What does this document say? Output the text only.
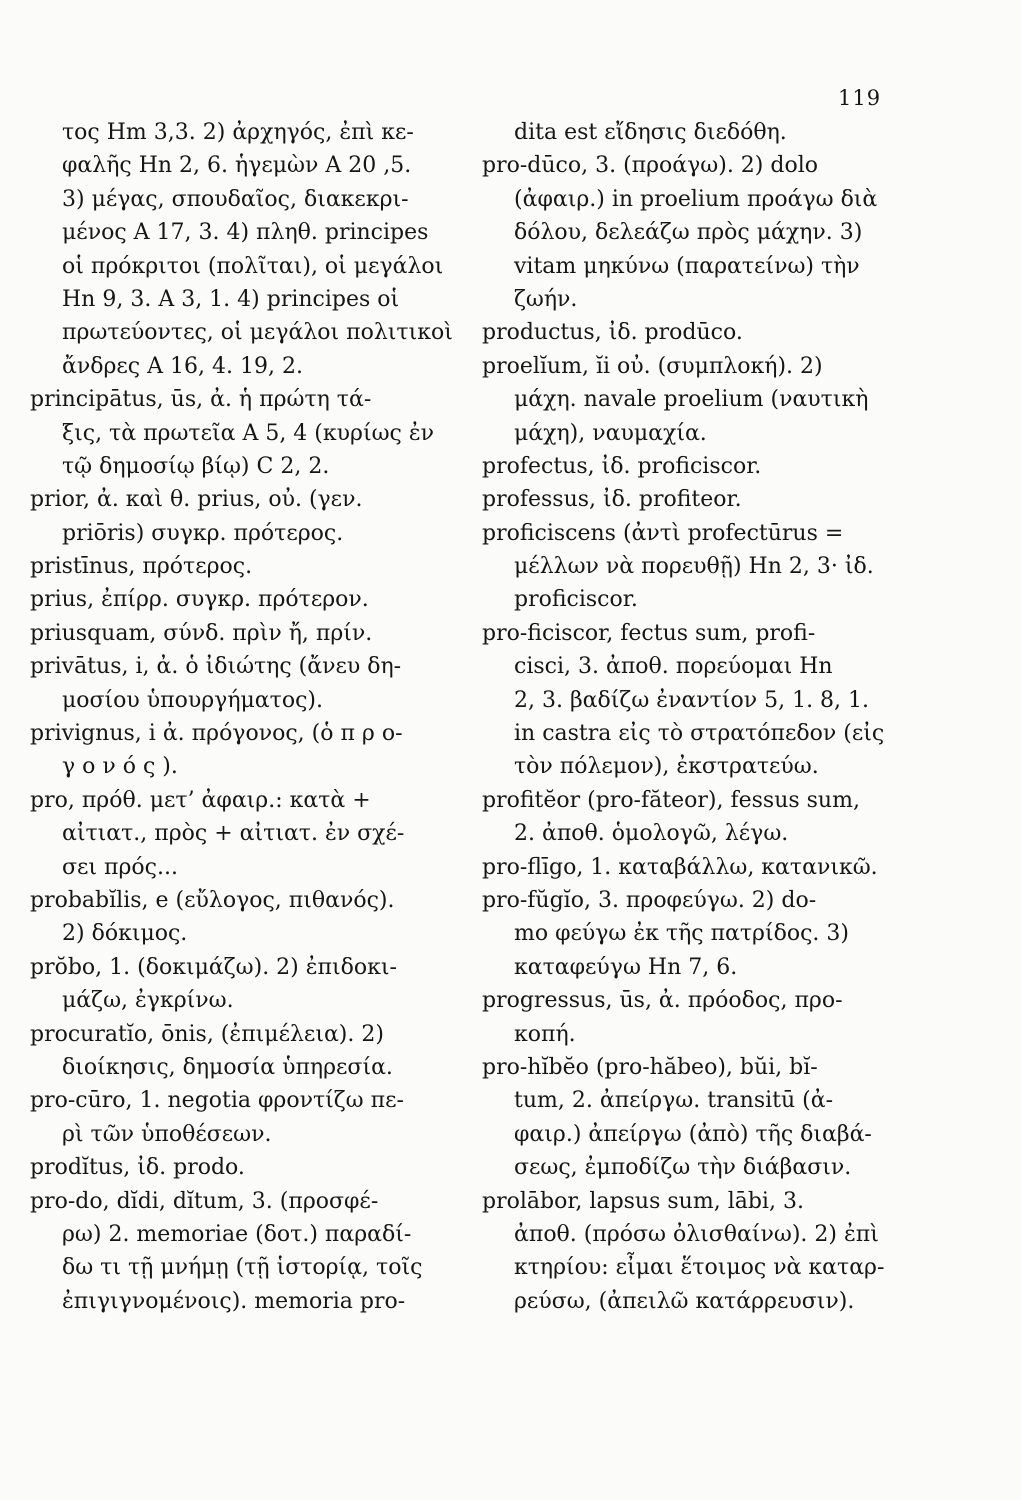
119
τος Hm 3,3. 2) ἀρχηγός, ἐπὶ κε-
φαλῆς Hn 2, 6. ἡγεμὼν A 20 ,5.
3) μέγας, σπουδαῖος, διακεκρι-
μένος A 17, 3. 4) πληθ. principes
οἱ πρόκριτοι (πολῖται), οἱ μεγάλοι
Hn 9, 3. A 3, 1. 4) principes οἱ
πρωτεύοντες, οἱ μεγάλοι πολιτικοὶ
ἄνδρες A 16, 4. 19, 2.
principātus, ūs, ἀ. ἡ πρώτη τά-
ξις, τὰ πρωτεῖα A 5, 4 (κυρίως ἐν
τῷ δημοσίῳ βίῳ) C 2, 2.
prior, ἀ. καὶ θ. prius, οὐ. (γεν.
priōris) συγκρ. πρότερος.
pristīnus, πρότερος.
prius, ἐπίρρ. συγκρ. πρότερον.
priusquam, σύνδ. πρὶν ἤ, πρίν.
privātus, i, ἀ. ὁ ἰδιώτης (ἄνευ δη-
μοσίου ὑπουργήματος).
privignus, i ἀ. πρόγονος, (ὁ π ρ ο-
γ ο ν ό ς ).
pro, πρόθ. μετ’ ἀφαιρ.: κατὰ +
αἰτιατ., πρὸς + αἰτιατ. ἐν σχέ-
σει πρός...
probabĭlis, e (εὔλογος, πιθανός).
2) δόκιμος.
prŏbo, 1. (δοκιμάζω). 2) ἐπιδοκι-
μάζω, ἐγκρίνω.
procuratĭo, ōnis, (ἐπιμέλεια). 2)
διοίκησις, δημοσία ὑπηρεσία.
pro-cūro, 1. negotia φροντίζω πε-
ρὶ τῶν ὑποθέσεων.
prodĭtus, ἰδ. prodo.
pro-do, dĭdi, dĭtum, 3. (προσφέ-
ρω) 2. memoriae (δοτ.) παραδί-
δω τι τῇ μνήμῃ (τῇ ἱστορίᾳ, τοῖς
ἐπιγιγνομένοις). memoria pro-
dita est εἴδησις διεδόθη.
pro-dūco, 3. (προάγω). 2) dolo
(ἀφαιρ.) in proelium προάγω διὰ
δόλου, δελεάζω πρὸς μάχην. 3)
vitam μηκύνω (παρατείνω) τὴν
ζωήν.
productus, ἰδ. prodūco.
proelĭum, ĭi οὐ. (συμπλοκή). 2)
μάχη. navale proelium (ναυτικὴ
μάχη), ναυμαχία.
profectus, ἰδ. proficiscor.
professus, ἰδ. profiteor.
proficiscens (ἀντὶ profectūrus =
μέλλων νὰ πορευθῇ) Hn 2, 3· ἰδ.
proficiscor.
pro-ficiscor, fectus sum, profi-
cisci, 3. ἀποθ. πορεύομαι Hn
2, 3. βαδίζω ἐναντίον 5, 1. 8, 1.
in castra εἰς τὸ στρατόπεδον (εἰς
τὸν πόλεμον), ἐκστρατεύω.
profitĕor (pro-făteor), fessus sum,
2. ἀποθ. ὁμολογῶ, λέγω.
pro-flīgo, 1. καταβάλλω, κατανικῶ.
pro-fŭgĭo, 3. προφεύγω. 2) do-
mo φεύγω ἐκ τῆς πατρίδος. 3)
καταφεύγω Hn 7, 6.
progressus, ūs, ἀ. πρόοδος, προ-
κοπή.
pro-hĭbĕo (pro-hăbeo), bŭi, bĭ-
tum, 2. ἀπείργω. transitū (ἀ-
φαιρ.) ἀπείργω (ἀπὸ) τῆς διαβά-
σεως, ἐμποδίζω τὴν διάβασιν.
prolābor, lapsus sum, lābi, 3.
ἀποθ. (πρόσω ὀλισθαίνω). 2) ἐπὶ
κτηρίου: εἶμαι ἕτοιμος νὰ καταρ-
ρεύσω, (ἀπειλῶ κατάρρευσιν).
